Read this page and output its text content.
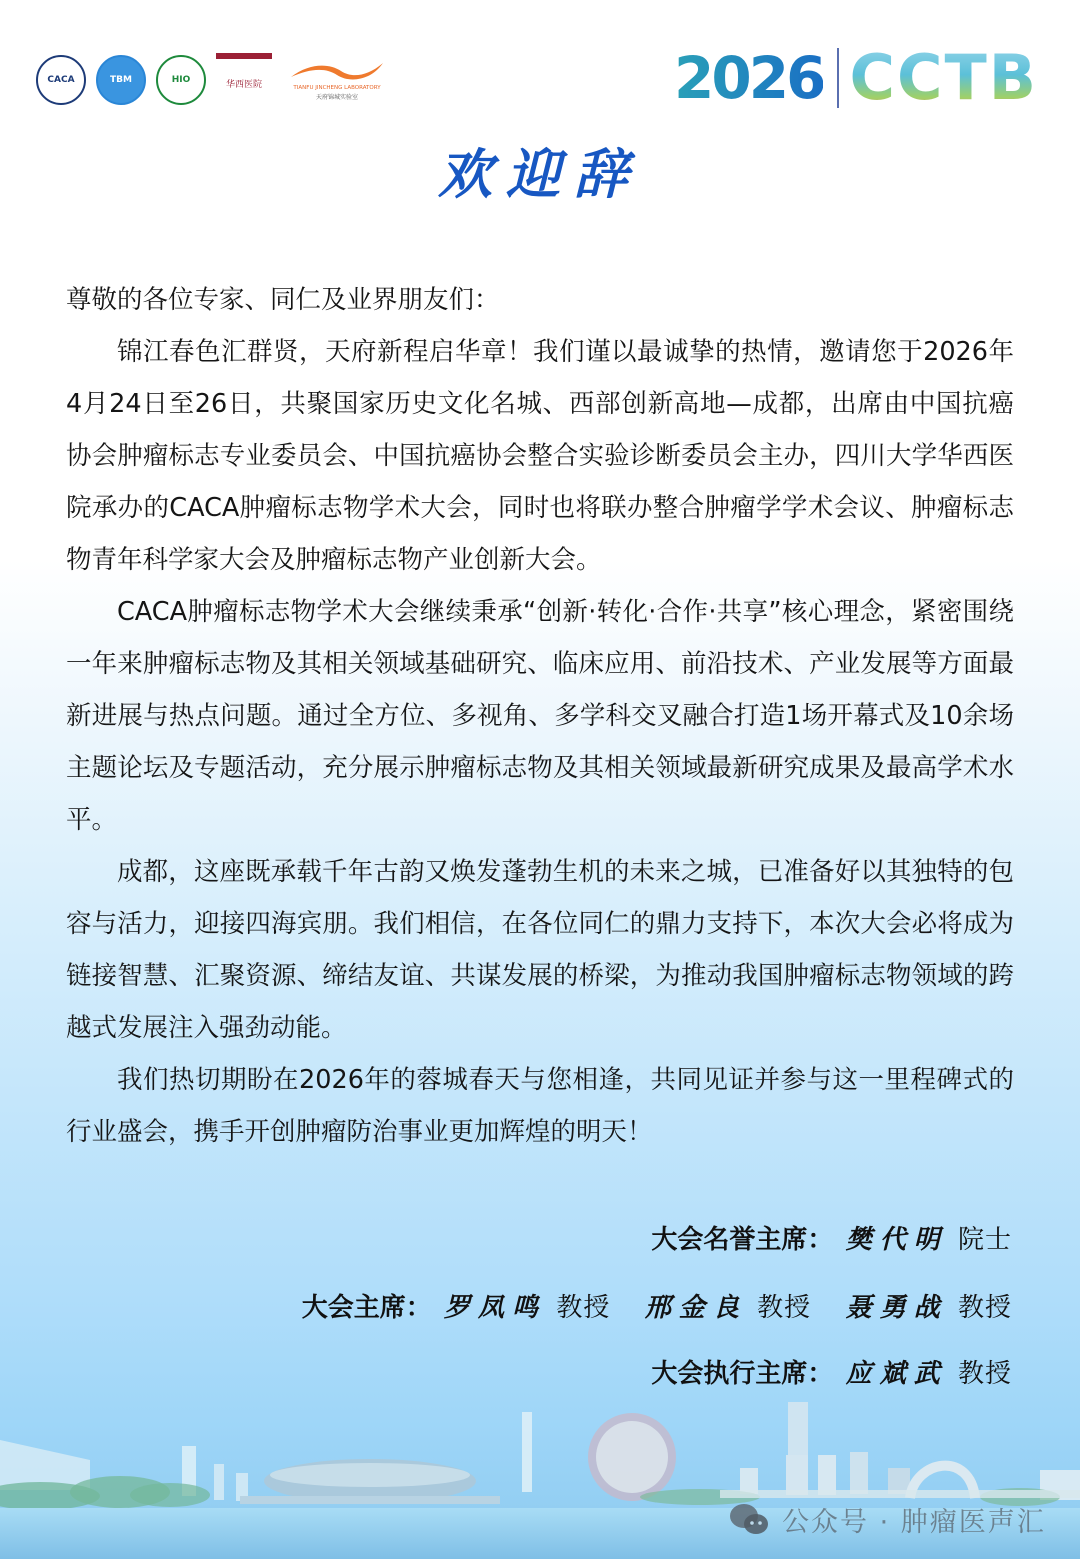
CACA	TBM	HIO	华西医院	TIANFU JINCHENG LABORATORY
天府锦城实验室	2026 CCTB
欢迎辞

尊敬的各位专家、同仁及业界朋友们：

锦江春色汇群贤，天府新程启华章！我们谨以最诚挚的热情，邀请您于2026年4月24日至26日，共聚国家历史文化名城、西部创新高地—成都，出席由中国抗癌协会肿瘤标志专业委员会、中国抗癌协会整合实验诊断委员会主办，四川大学华西医院承办的CACA肿瘤标志物学术大会，同时也将联办整合肿瘤学学术会议、肿瘤标志物青年科学家大会及肿瘤标志物产业创新大会。

CACA肿瘤标志物学术大会继续秉承“创新·转化·合作·共享”核心理念，紧密围绕一年来肿瘤标志物及其相关领域基础研究、临床应用、前沿技术、产业发展等方面最新进展与热点问题。通过全方位、多视角、多学科交叉融合打造1场开幕式及10余场主题论坛及专题活动，充分展示肿瘤标志物及其相关领域最新研究成果及最高学术水平。

成都，这座既承载千年古韵又焕发蓬勃生机的未来之城，已准备好以其独特的包容与活力，迎接四海宾朋。我们相信，在各位同仁的鼎力支持下，本次大会必将成为链接智慧、汇聚资源、缔结友谊、共谋发展的桥梁，为推动我国肿瘤标志物领域的跨越式发展注入强劲动能。

我们热切期盼在2026年的蓉城春天与您相逢，共同见证并参与这一里程碑式的行业盛会，携手开创肿瘤防治事业更加辉煌的明天！

大会名誉主席： 樊代明 院士
大会主席： 罗凤鸣 教授 邢金良 教授 聂勇战 教授
大会执行主席： 应斌武 教授
公众号 · 肿瘤医声汇
